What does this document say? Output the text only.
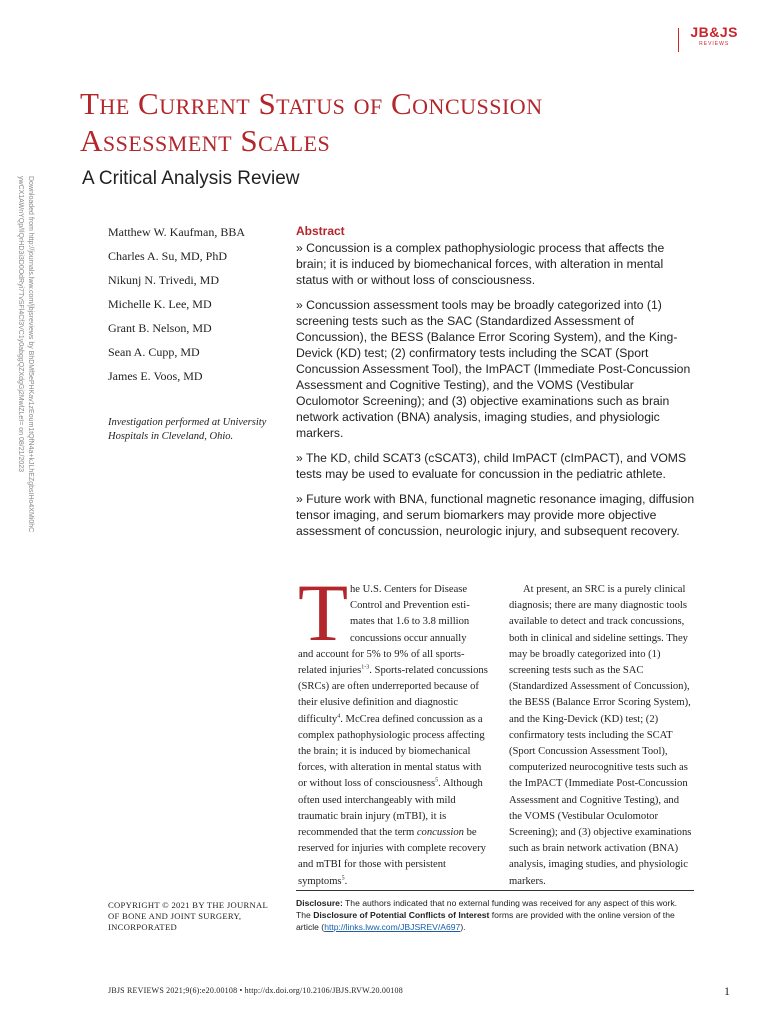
JB&JS
REVIEWS
The Current Status of Concussion
Assessment Scales
A Critical Analysis Review
Downloaded from http://journals.lww.com/jbjsreviews by BhDMf5ePHKav1zEoum1tQfN4a+kJLhEZgbsIHo4XMi0hC
ywCX1AWnYQp/IlQrHD3i3D0OdRyi7TvSFl4Cf3VC1y0abggQZXdgGj2MwlZLeI= on 08/21/2023	Matthew W. Kaufman, BBA
Charles A. Su, MD, PhD
Nikunj N. Trivedi, MD
Michelle K. Lee, MD
Grant B. Nelson, MD
Sean A. Cupp, MD
James E. Voos, MD
Investigation performed at University Hospitals in Cleveland, Ohio.
Abstract

» Concussion is a complex pathophysiologic process that affects the brain; it is induced by biomechanical forces, with alteration in mental status with or without loss of consciousness.

» Concussion assessment tools may be broadly categorized into (1) screening tests such as the SAC (Standardized Assessment of Concussion), the BESS (Balance Error Scoring System), and the King-Devick (KD) test; (2) confirmatory tests including the SCAT (Sport Concussion Assessment Tool), the ImPACT (Immediate Post-Concussion Assessment and Cognitive Testing), and the VOMS (Vestibular Oculomotor Screening); and (3) objective examinations such as brain network activation (BNA) analysis, imaging studies, and physiologic markers.

» The KD, child SCAT3 (cSCAT3), child ImPACT (cImPACT), and VOMS tests may be used to evaluate for concussion in the pediatric athlete.

» Future work with BNA, functional magnetic resonance imaging, diffusion tensor imaging, and serum biomarkers may provide more objective assessment of concussion, neurologic injury, and subsequent recovery.

T he U.S. Centers for Disease
Control and Prevention esti-
mates that 1.6 to 3.8 million
concussions occur annually
and account for 5% to 9% of all sports-related injuries$^{1-3}$. Sports-related concussions (SRCs) are often underreported because of their elusive definition and diagnostic difficulty$^4$. McCrea defined concussion as a complex pathophysiologic process affecting the brain; it is induced by biomechanical forces, with alteration in mental status with or without loss of consciousness$^5$. Although often used interchangeably with mild traumatic brain injury (mTBI), it is recommended that the term concussion be reserved for injuries with complete recovery and mTBI for those with persistent symptoms$^5$.
At present, an SRC is a purely clinical diagnosis; there are many diagnostic tools available to detect and track concussions, both in clinical and sideline settings. They may be broadly categorized into (1) screening tests such as the SAC (Standardized Assessment of Concussion), the BESS (Balance Error Scoring System), and the King-Devick (KD) test; (2) confirmatory tests including the SCAT (Sport Concussion Assessment Tool), computerized neurocognitive tests such as the ImPACT (Immediate Post-Concussion Assessment and Cognitive Testing), and the VOMS (Vestibular Oculomotor Screening); and (3) objective examinations such as brain network activation (BNA) analysis, imaging studies, and physiologic markers.
COPYRIGHT © 2021 BY THE JOURNAL OF BONE AND JOINT SURGERY, INCORPORATED
Disclosure: The authors indicated that no external funding was received for any aspect of this work. The Disclosure of Potential Conflicts of Interest forms are provided with the online version of the article (http://links.lww.com/JBJSREV/A697).
JBJS REVIEWS 2021;9(6):e20.00108 • http://dx.doi.org/10.2106/JBJS.RVW.20.00108	1
